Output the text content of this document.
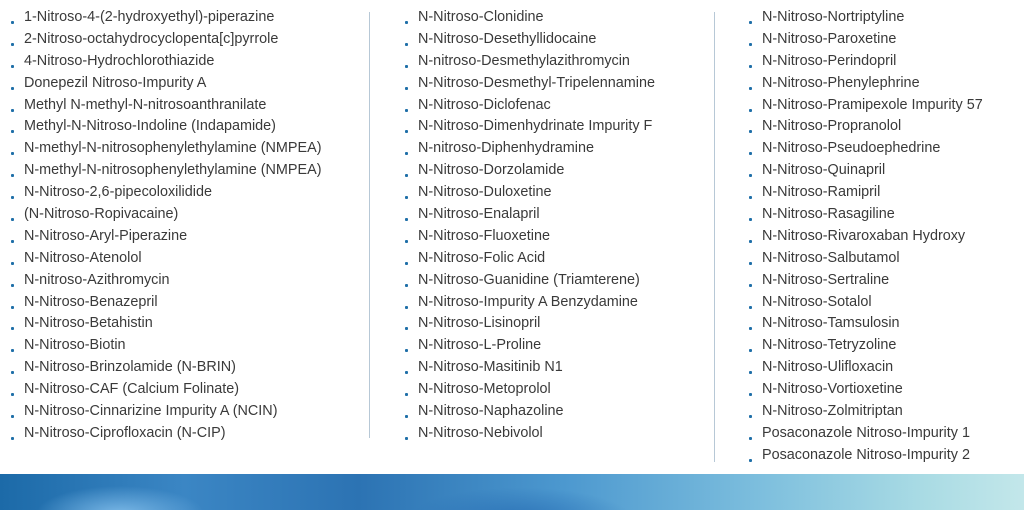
1-Nitroso-4-(2-hydroxyethyl)-piperazine
2-Nitroso-octahydrocyclopenta[c]pyrrole
4-Nitroso-Hydrochlorothiazide
Donepezil Nitroso-Impurity A
Methyl N-methyl-N-nitrosoanthranilate
Methyl-N-Nitroso-Indoline (Indapamide)
N-methyl-N-nitrosophenylethylamine (NMPEA)
N-methyl-N-nitrosophenylethylamine (NMPEA)
N-Nitroso-2,6-pipecoloxilidide
(N-Nitroso-Ropivacaine)
N-Nitroso-Aryl-Piperazine
N-Nitroso-Atenolol
N-nitroso-Azithromycin
N-Nitroso-Benazepril
N-Nitroso-Betahistin
N-Nitroso-Biotin
N-Nitroso-Brinzolamide (N-BRIN)
N-Nitroso-CAF (Calcium Folinate)
N-Nitroso-Cinnarizine Impurity A (NCIN)
N-Nitroso-Ciprofloxacin (N-CIP)
N-Nitroso-Clonidine
N-Nitroso-Desethyllidocaine
N-nitroso-Desmethylazithromycin
N-Nitroso-Desmethyl-Tripelennamine
N-Nitroso-Diclofenac
N-Nitroso-Dimenhydrinate Impurity F
N-nitroso-Diphenhydramine
N-Nitroso-Dorzolamide
N-Nitroso-Duloxetine
N-Nitroso-Enalapril
N-Nitroso-Fluoxetine
N-Nitroso-Folic Acid
N-Nitroso-Guanidine (Triamterene)
N-Nitroso-Impurity A Benzydamine
N-Nitroso-Lisinopril
N-Nitroso-L-Proline
N-Nitroso-Masitinib N1
N-Nitroso-Metoprolol
N-Nitroso-Naphazoline
N-Nitroso-Nebivolol
N-Nitroso-Nortriptyline
N-Nitroso-Paroxetine
N-Nitroso-Perindopril
N-Nitroso-Phenylephrine
N-Nitroso-Pramipexole Impurity 57
N-Nitroso-Propranolol
N-Nitroso-Pseudoephedrine
N-Nitroso-Quinapril
N-Nitroso-Ramipril
N-Nitroso-Rasagiline
N-Nitroso-Rivaroxaban Hydroxy
N-Nitroso-Salbutamol
N-Nitroso-Sertraline
N-Nitroso-Sotalol
N-Nitroso-Tamsulosin
N-Nitroso-Tetryzoline
N-Nitroso-Ulifloxacin
N-Nitroso-Vortioxetine
N-Nitroso-Zolmitriptan
Posaconazole Nitroso-Impurity 1
Posaconazole Nitroso-Impurity 2
